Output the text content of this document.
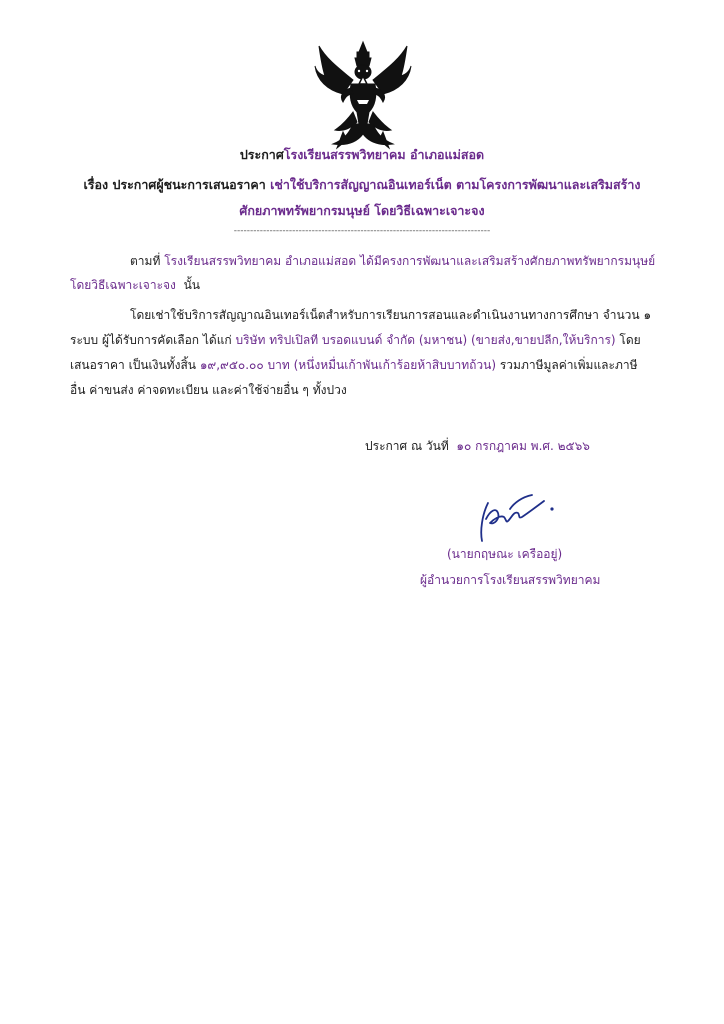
ประกาศโรงเรียนสรรพวิทยาคม อำเภอแม่สอด
เรื่อง ประกาศผู้ชนะการเสนอราคา เช่าใช้บริการสัญญาณอินเทอร์เน็ต ตามโครงการพัฒนาและเสริมสร้าง
ศักยภาพทรัพยากรมนุษย์ โดยวิธีเฉพาะเจาะจง
-------------------------------------------------------------------------------
ตามที่ โรงเรียนสรรพวิทยาคม อำเภอแม่สอด ได้มีครงการพัฒนาและเสริมสร้างศักยภาพทรัพยากรมนุษย์
โดยวิธีเฉพาะเจาะจง นั้น
โดยเช่าใช้บริการสัญญาณอินเทอร์เน็ตสำหรับการเรียนการสอนและดำเนินงานทางการศึกษา จำนวน ๑
ระบบ ผู้ได้รับการคัดเลือก ได้แก่ บริษัท ทริปเปิลที บรอดแบนด์ จำกัด (มหาชน) (ขายส่ง,ขายปลีก,ให้บริการ) โดย
เสนอราคา เป็นเงินทั้งสิ้น ๑๙,๙๕๐.๐๐ บาท (หนึ่งหมื่นเก้าพันเก้าร้อยห้าสิบบาทถ้วน) รวมภาษีมูลค่าเพิ่มและภาษี
อื่น ค่าขนส่ง ค่าจดทะเบียน และค่าใช้จ่ายอื่น ๆ ทั้งปวง
ประกาศ ณ วันที่ ๑๐ กรกฎาคม พ.ศ. ๒๕๖๖
(นายกฤษณะ เครืออยู่)
ผู้อำนวยการโรงเรียนสรรพวิทยาคม
